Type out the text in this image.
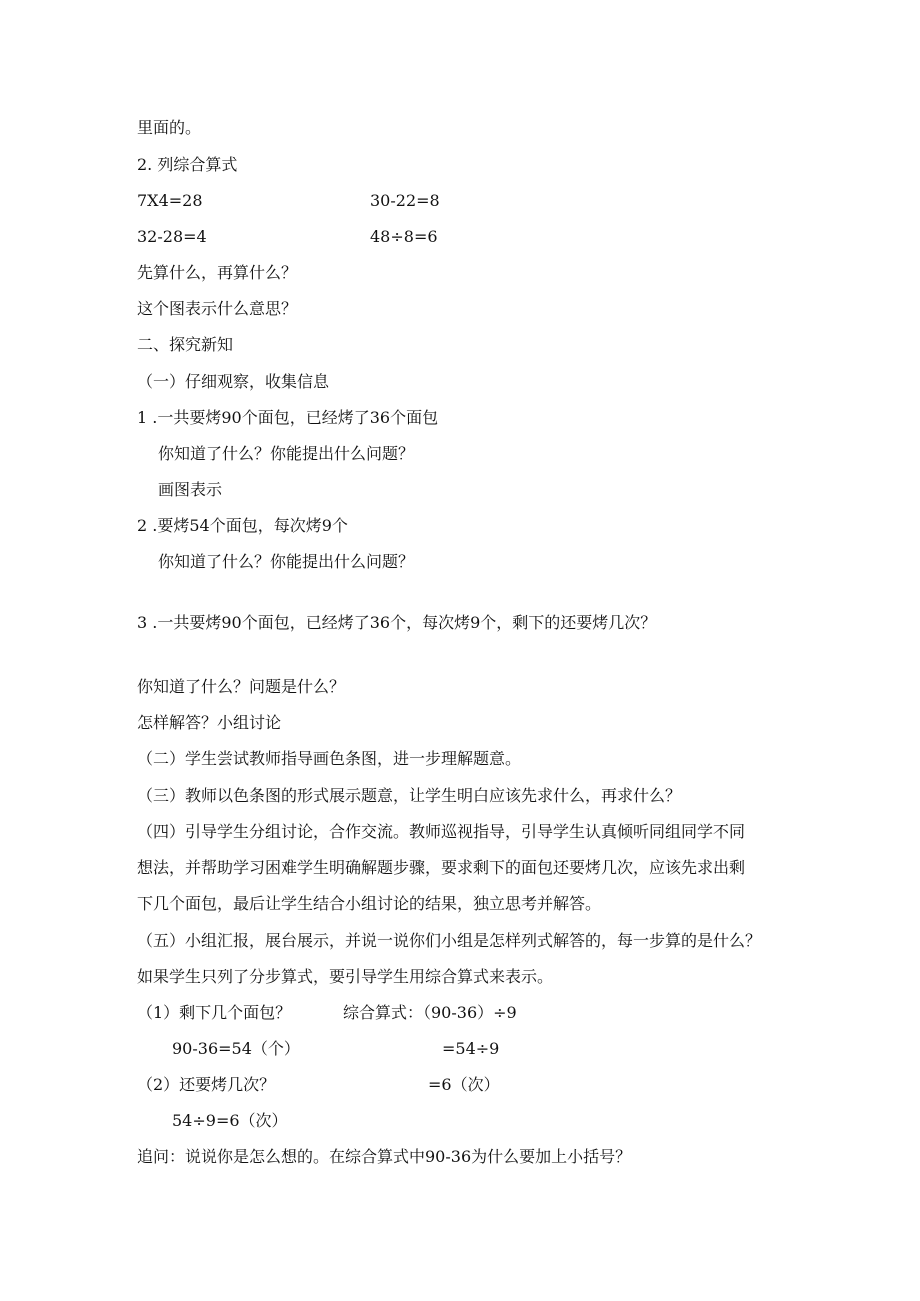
里面的。
2. 列综合算式
7X4=28	30-22=8
32-28=4	48÷8=6
先算什么，再算什么？
这个图表示什么意思？
二、探究新知
（一）仔细观察，收集信息
1 .一共要烤90个面包，已经烤了36个面包
你知道了什么？你能提出什么问题？
画图表示
2 .要烤54个面包，每次烤9个
你知道了什么？你能提出什么问题？
3 .一共要烤90个面包，已经烤了36个，每次烤9个，剩下的还要烤几次？
你知道了什么？问题是什么？
怎样解答？小组讨论
（二）学生尝试教师指导画色条图，进一步理解题意。
（三）教师以色条图的形式展示题意，让学生明白应该先求什么，再求什么？
（四）引导学生分组讨论，合作交流。教师巡视指导，引导学生认真倾听同组同学不同
想法，并帮助学习困难学生明确解题步骤，要求剩下的面包还要烤几次，应该先求出剩
下几个面包，最后让学生结合小组讨论的结果，独立思考并解答。
（五）小组汇报，展台展示，并说一说你们小组是怎样列式解答的，每一步算的是什么？
如果学生只列了分步算式，要引导学生用综合算式来表示。
（1）剩下几个面包？	综合算式：（90-36）÷9
90-36=54（个）	=54÷9
（2）还要烤几次？	=6（次）
54÷9=6（次）
追问：说说你是怎么想的。在综合算式中90-36为什么要加上小括号？
